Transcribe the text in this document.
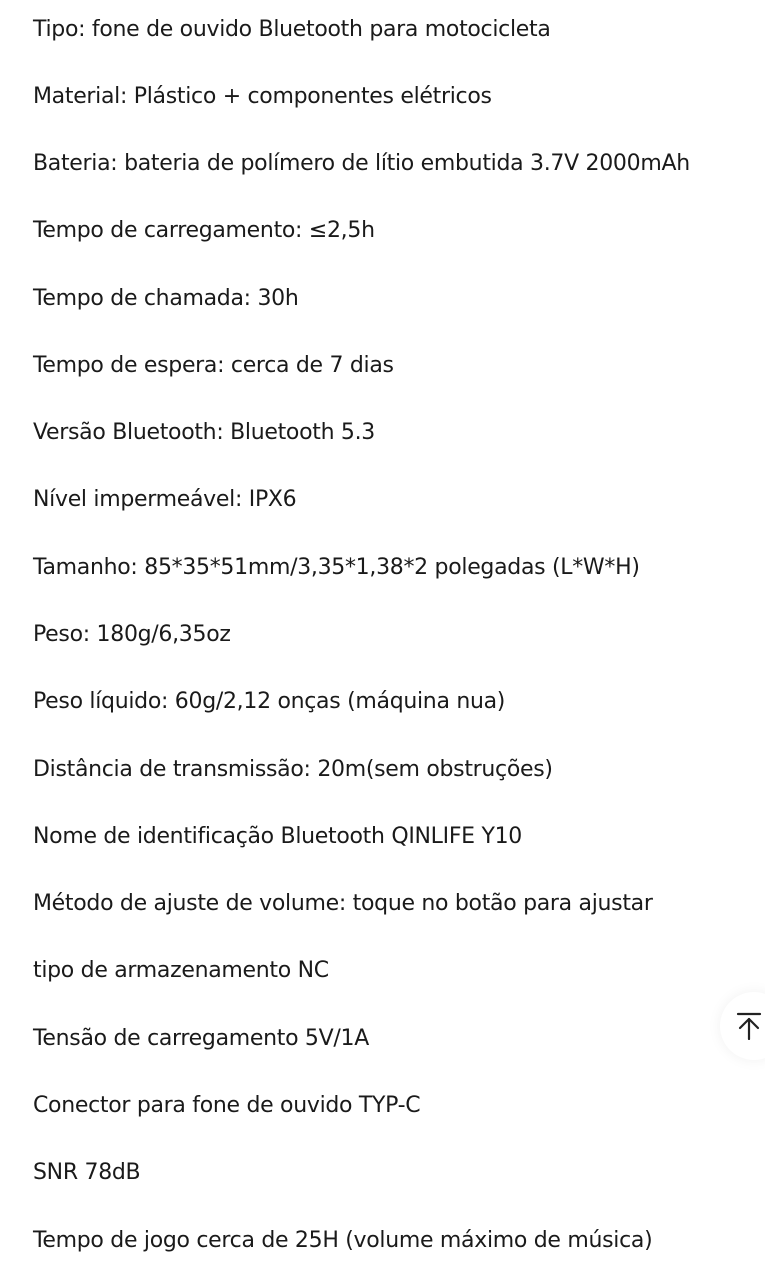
Tipo: fone de ouvido Bluetooth para motocicleta
Material: Plástico + componentes elétricos
Bateria: bateria de polímero de lítio embutida 3.7V 2000mAh
Tempo de carregamento: ≤2,5h
Tempo de chamada: 30h
Tempo de espera: cerca de 7 dias
Versão Bluetooth: Bluetooth 5.3
Nível impermeável: IPX6
Tamanho: 85*35*51mm/3,35*1,38*2 polegadas (L*W*H)
Peso: 180g/6,35oz
Peso líquido: 60g/2,12 onças (máquina nua)
Distância de transmissão: 20m(sem obstruções)
Nome de identificação Bluetooth QINLIFE Y10
Método de ajuste de volume: toque no botão para ajustar
tipo de armazenamento NC
Tensão de carregamento 5V/1A
Conector para fone de ouvido TYP-C
SNR 78dB
Tempo de jogo cerca de 25H (volume máximo de música)
